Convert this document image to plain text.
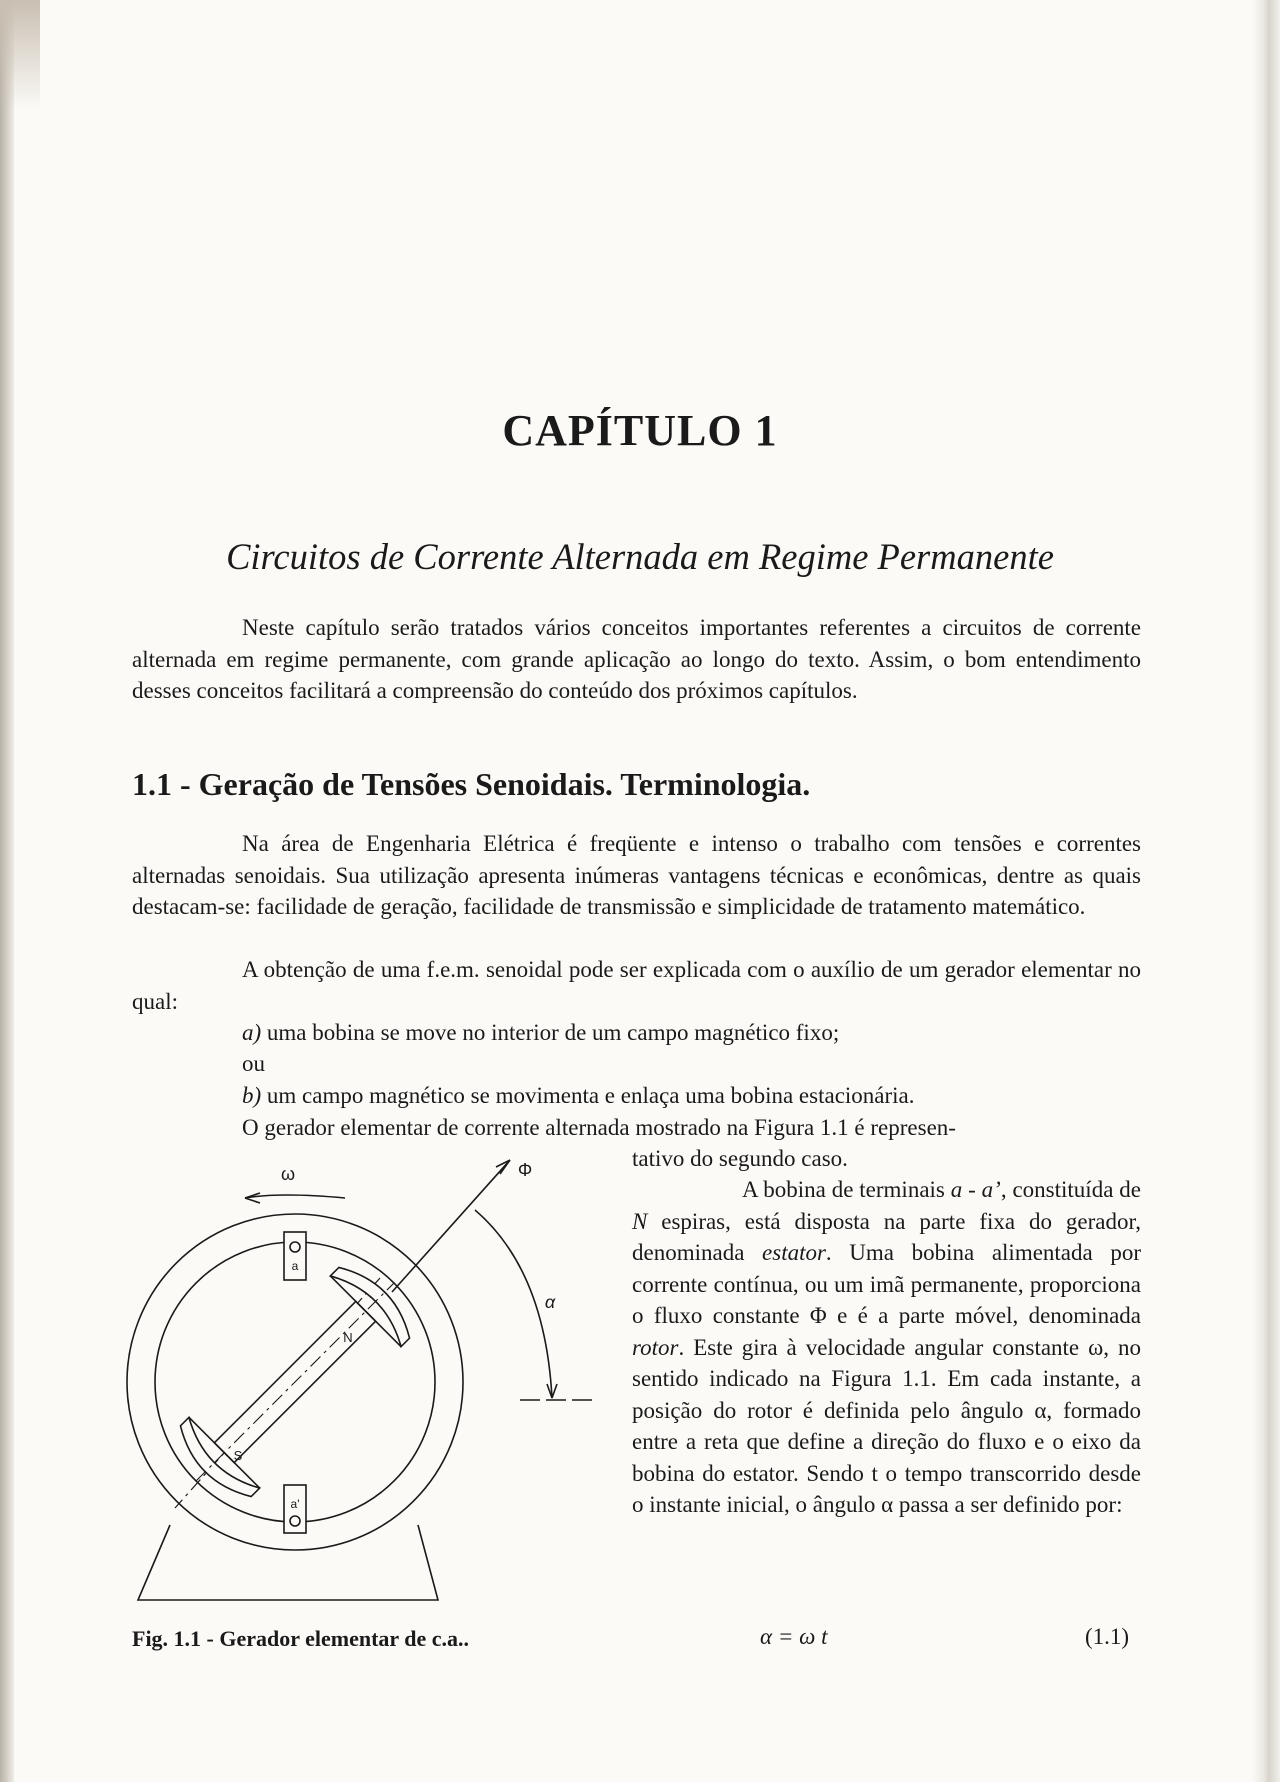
CAPÍTULO 1
Circuitos de Corrente Alternada em Regime Permanente
Neste capítulo serão tratados vários conceitos importantes referentes a circuitos de corrente alternada em regime permanente, com grande aplicação ao longo do texto. Assim, o bom entendimento desses conceitos facilitará a compreensão do conteúdo dos próximos capítulos.
1.1 - Geração de Tensões Senoidais. Terminologia.
Na área de Engenharia Elétrica é freqüente e intenso o trabalho com tensões e correntes alternadas senoidais. Sua utilização apresenta inúmeras vantagens técnicas e econômicas, dentre as quais destacam-se: facilidade de geração, facilidade de transmissão e simplicidade de tratamento matemático.
A obtenção de uma f.e.m. senoidal pode ser explicada com o auxílio de um gerador elementar no qual:
a) uma bobina se move no interior de um campo magnético fixo;
ou
b) um campo magnético se movimenta e enlaça uma bobina estacionária.
O gerador elementar de corrente alternada mostrado na Figura 1.1 é represen-
tativo do segundo caso.
A bobina de terminais a - a’, constituída de N espiras, está disposta na parte fixa do gerador, denominada estator. Uma bobina alimentada por corrente contínua, ou um imã permanente, proporciona o fluxo constante Φ e é a parte móvel, denominada rotor. Este gira à velocidade angular constante ω, no sentido indicado na Figura 1.1. Em cada instante, a posição do rotor é definida pelo ângulo α, formado entre a reta que define a direção do fluxo e o eixo da bobina do estator. Sendo t o tempo transcorrido desde o instante inicial, o ângulo α passa a ser definido por:
ω	Φ
α
a
a'
N
S
Fig. 1.1 - Gerador elementar de c.a..	α = ω t	(1.1)
